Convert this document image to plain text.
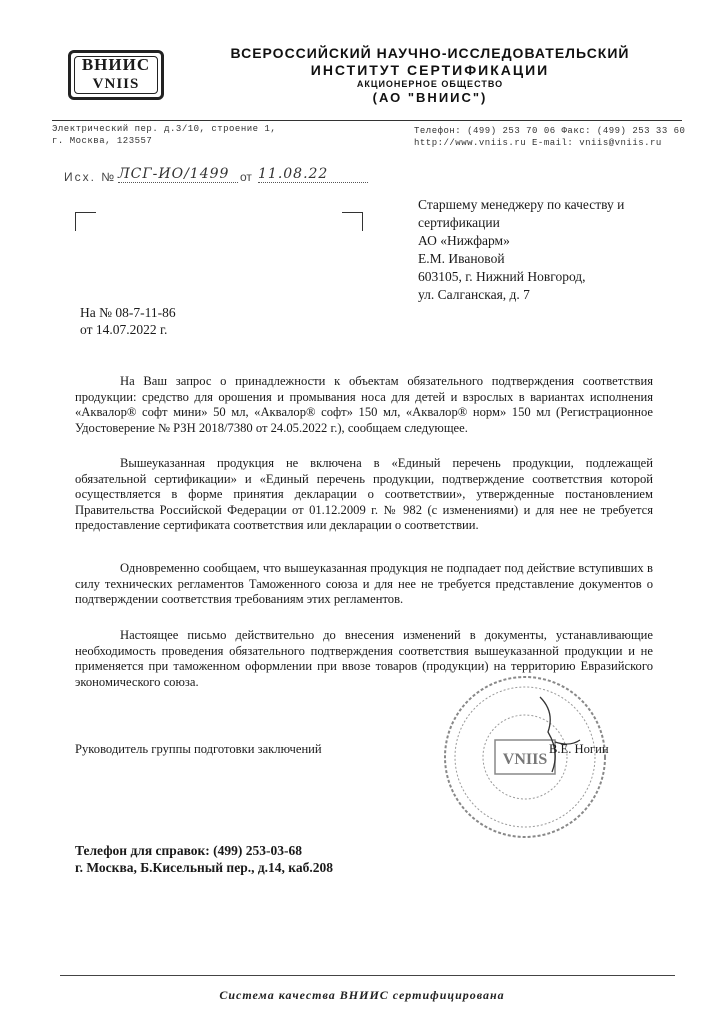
ВНИИС
VNIIS
ВСЕРОССИЙСКИЙ НАУЧНО-ИССЛЕДОВАТЕЛЬСКИЙ
ИНСТИТУТ СЕРТИФИКАЦИИ
АКЦИОНЕРНОЕ ОБЩЕСТВО
(АО "ВНИИС")
Электрический пер. д.3/10, строение 1,
г. Москва, 123557
Телефон: (499) 253 70 06 Факс: (499) 253 33 60
http://www.vniis.ru E-mail: vniis@vniis.ru
Исх. № ЛСГ-ИО/1499 от 11.08.22
Старшему менеджеру по качеству и
сертификации
АО «Нижфарм»
Е.М. Ивановой
603105, г. Нижний Новгород,
ул. Салганская, д. 7
На № 08-7-11-86
от 14.07.2022 г.
На Ваш запрос о принадлежности к объектам обязательного подтверждения соответствия продукции: средство для орошения и промывания носа для детей и взрослых в вариантах исполнения «Аквалор® софт мини» 50 мл, «Аквалор® софт» 150 мл, «Аквалор® норм» 150 мл (Регистрационное Удостоверение № РЗН 2018/7380 от 24.05.2022 г.), сообщаем следующее.
Вышеуказанная продукция не включена в «Единый перечень продукции, подлежащей обязательной сертификации» и «Единый перечень продукции, подтверждение соответствия которой осуществляется в форме принятия декларации о соответствии», утвержденные постановлением Правительства Российской Федерации от 01.12.2009 г. № 982 (с изменениями) и для нее не требуется предоставление сертификата соответствия или декларации о соответствии.
Одновременно сообщаем, что вышеуказанная продукция не подпадает под действие вступивших в силу технических регламентов Таможенного союза и для нее не требуется представление документов о подтверждении соответствия требованиям этих регламентов.
Настоящее письмо действительно до внесения изменений в документы, устанавливающие необходимость проведения обязательного подтверждения соответствия вышеуказанной продукции и не применяется при таможенном оформлении при ввозе товаров (продукции) на территорию Евразийского экономического союза.
VNIIS
Руководитель группы подготовки заключений	В.Е. Ногин
Телефон для справок: (499) 253-03-68
г. Москва, Б.Кисельный пер., д.14, каб.208
Система качества ВНИИС сертифицирована
